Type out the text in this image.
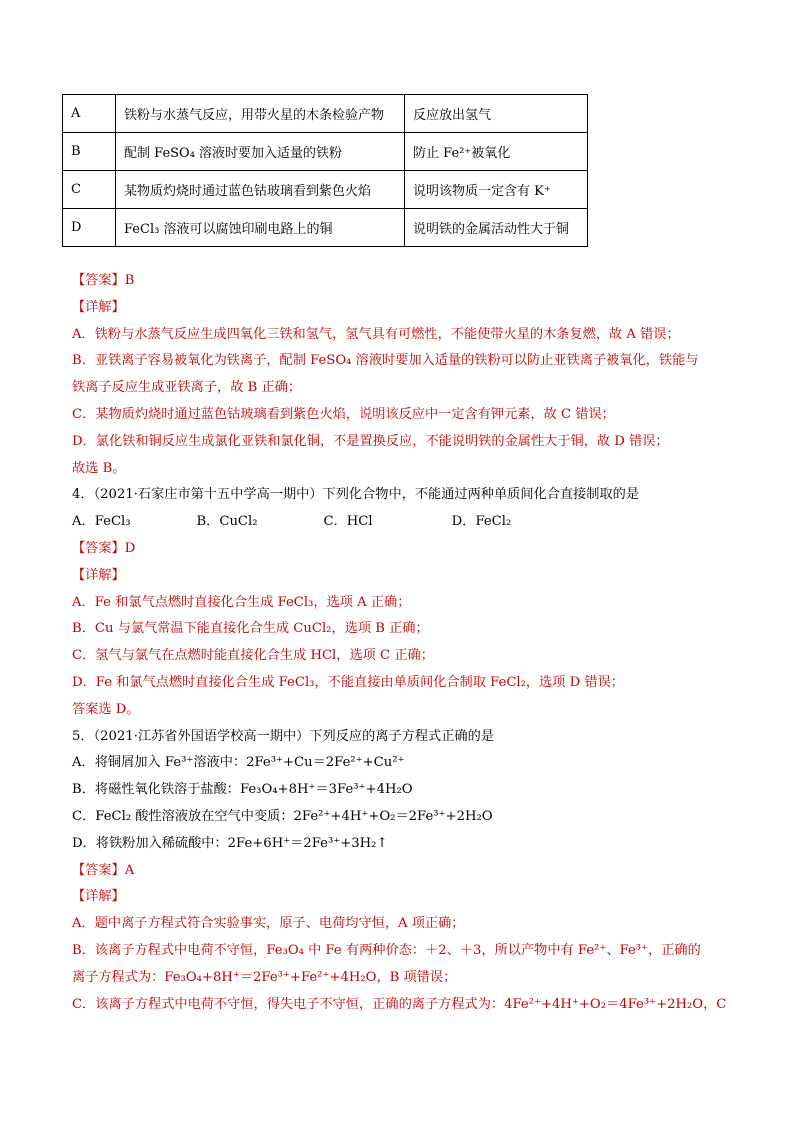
A	铁粉与水蒸气反应，用带火星的木条检验产物	反应放出氢气
B	配制 FeSO₄ 溶液时要加入适量的铁粉	防止 Fe²⁺被氧化
C	某物质灼烧时通过蓝色钴玻璃看到紫色火焰	说明该物质一定含有 K⁺
D	FeCl₃ 溶液可以腐蚀印刷电路上的铜	说明铁的金属活动性大于铜
【答案】B
【详解】
A．铁粉与水蒸气反应生成四氧化三铁和氢气，氢气具有可燃性，不能使带火星的木条复燃，故 A 错误；
B．亚铁离子容易被氧化为铁离子，配制 FeSO₄ 溶液时要加入适量的铁粉可以防止亚铁离子被氧化，铁能与
铁离子反应生成亚铁离子，故 B 正确；
C．某物质灼烧时通过蓝色钴玻璃看到紫色火焰，说明该反应中一定含有钾元素，故 C 错误；
D．氯化铁和铜反应生成氯化亚铁和氯化铜，不是置换反应，不能说明铁的金属性大于铜，故 D 错误；
故选 B。
4．（2021·石家庄市第十五中学高一期中）下列化合物中，不能通过两种单质间化合直接制取的是
A．FeCl₃　　　　　B．CuCl₂　　　　　C．HCl　　　　　　D．FeCl₂
【答案】D
【详解】
A．Fe 和氯气点燃时直接化合生成 FeCl₃，选项 A 正确；
B．Cu 与氯气常温下能直接化合生成 CuCl₂，选项 B 正确；
C．氢气与氯气在点燃时能直接化合生成 HCl，选项 C 正确；
D．Fe 和氯气点燃时直接化合生成 FeCl₃，不能直接由单质间化合制取 FeCl₂，选项 D 错误；
答案选 D。
5．（2021·江苏省外国语学校高一期中）下列反应的离子方程式正确的是
A．将铜屑加入 Fe³⁺溶液中：2Fe³⁺+Cu＝2Fe²⁺+Cu²⁺
B．将磁性氧化铁溶于盐酸：Fe₃O₄+8H⁺＝3Fe³⁺+4H₂O
C．FeCl₂ 酸性溶液放在空气中变质：2Fe²⁺+4H⁺+O₂＝2Fe³⁺+2H₂O
D．将铁粉加入稀硫酸中：2Fe+6H⁺＝2Fe³⁺+3H₂↑
【答案】A
【详解】
A．题中离子方程式符合实验事实，原子、电荷均守恒，A 项正确；
B．该离子方程式中电荷不守恒，Fe₃O₄ 中 Fe 有两种价态：＋2、＋3，所以产物中有 Fe²⁺、Fe³⁺，正确的
离子方程式为：Fe₃O₄+8H⁺＝2Fe³⁺+Fe²⁺+4H₂O，B 项错误；
C．该离子方程式中电荷不守恒，得失电子不守恒，正确的离子方程式为：4Fe²⁺+4H⁺+O₂＝4Fe³⁺+2H₂O，C
